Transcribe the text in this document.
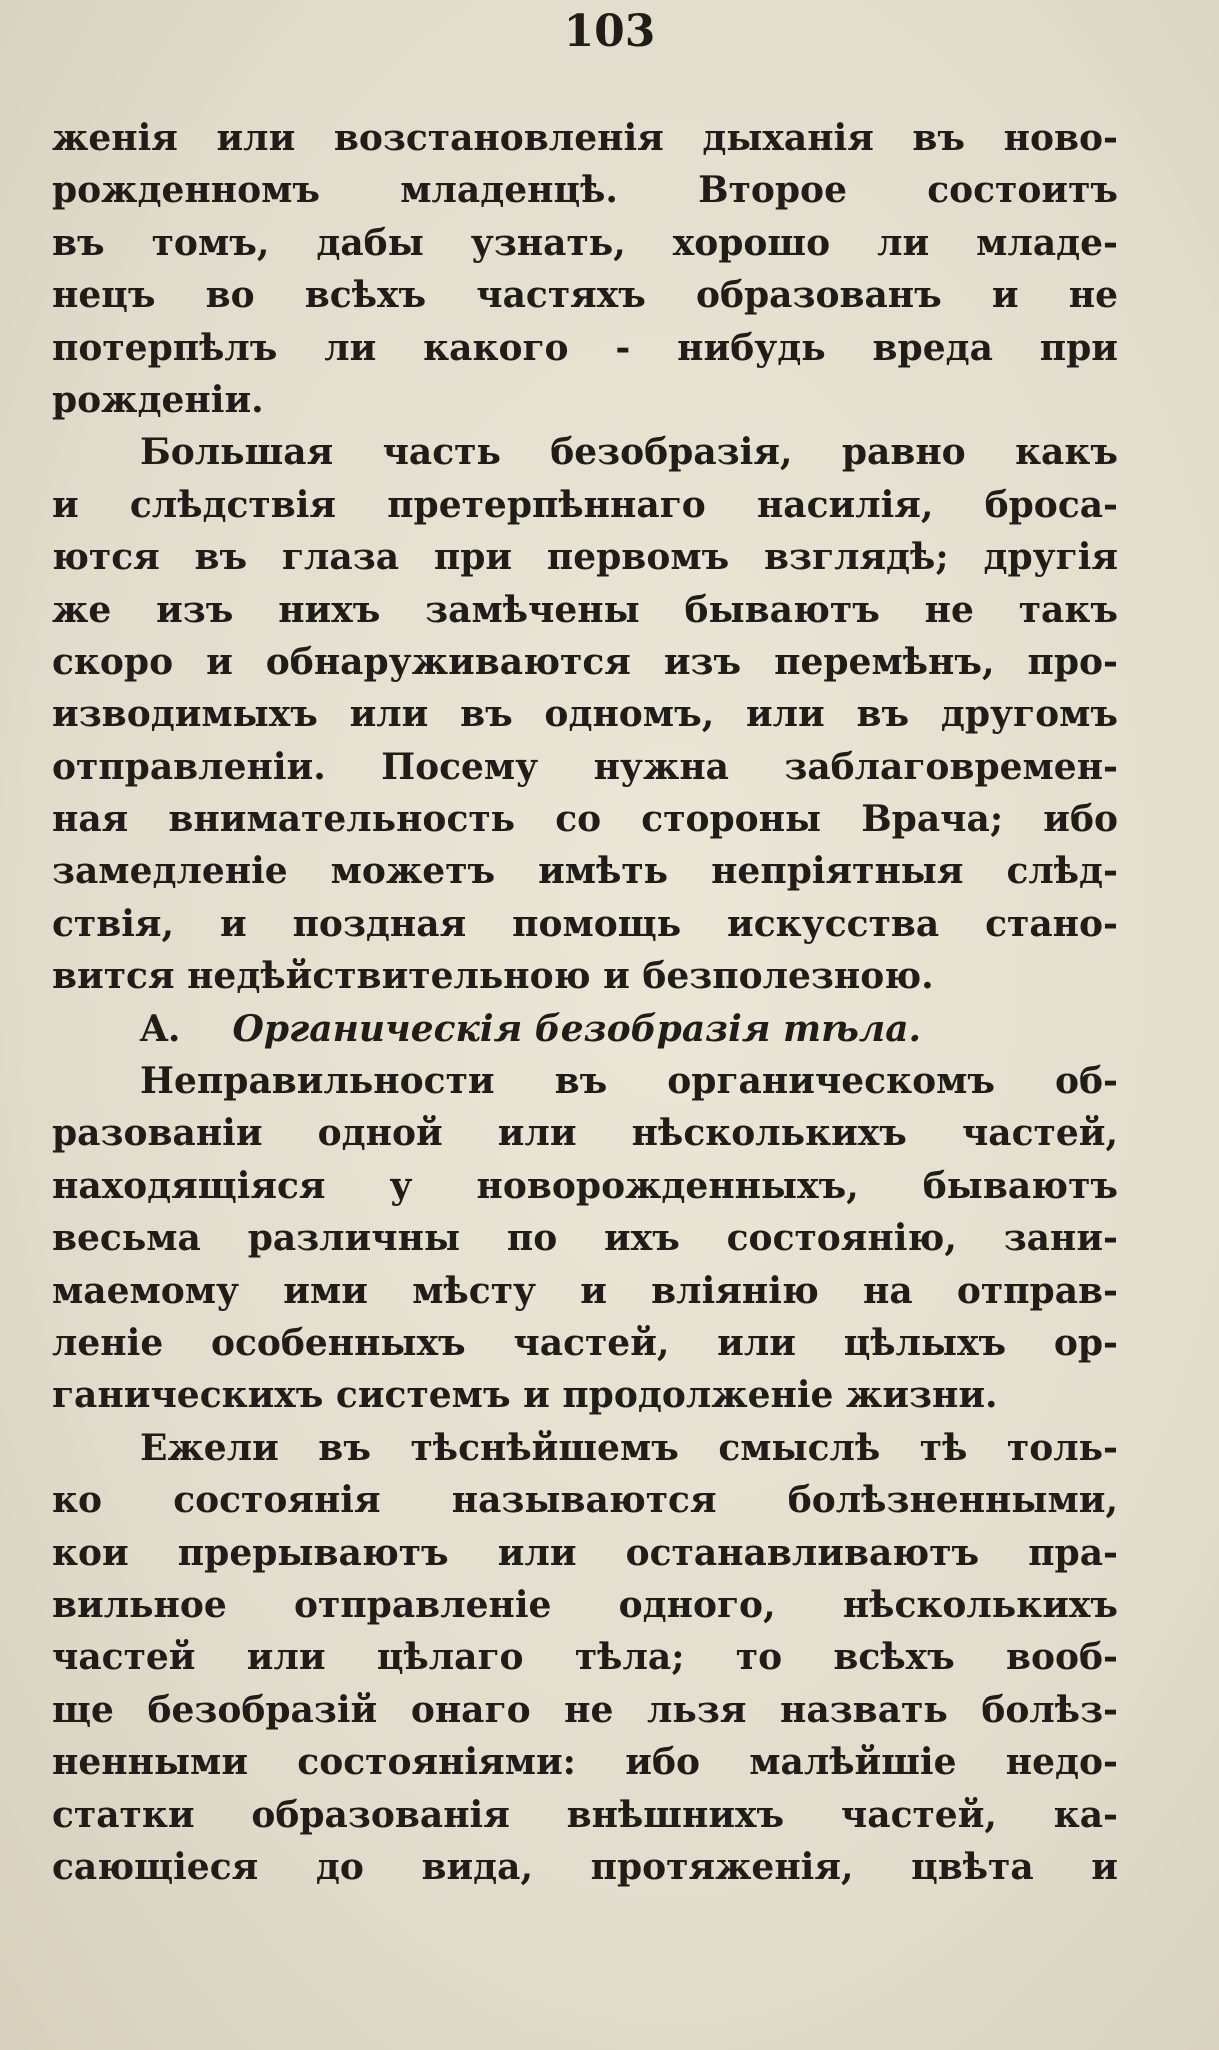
103
женія или возстановленія дыханія въ ново-
рожденномъ младенцѣ. Второе состоитъ
въ томъ, дабы узнать, хорошо ли младе-
нецъ во всѣхъ частяхъ образованъ и не
потерпѣлъ ли какого - нибудь вреда при
рожденіи.
Большая часть безобразія, равно какъ
и слѣдствія претерпѣннаго насилія, броса-
ются въ глаза при первомъ взглядѣ; другія
же изъ нихъ замѣчены бываютъ не такъ
скоро и обнаруживаются изъ перемѣнъ, про-
изводимыхъ или въ одномъ, или въ другомъ
отправленіи. Посему нужна заблаговремен-
ная внимательность со стороны Врача; ибо
замедленіе можетъ имѣть непріятныя слѣд-
ствія, и поздная помощь искусства стано-
вится недѣйствительною и безполезною.
A. Органическія безобразія тѣла.
Неправильности въ органическомъ об-
разованіи одной или нѣсколькихъ частей,
находящіяся у новорожденныхъ, бываютъ
весьма различны по ихъ состоянію, зани-
маемому ими мѣсту и вліянію на отправ-
леніе особенныхъ частей, или цѣлыхъ ор-
ганическихъ системъ и продолженіе жизни.
Ежели въ тѣснѣйшемъ смыслѣ тѣ толь-
ко состоянія называются болѣзненными,
кои прерываютъ или останавливаютъ пра-
вильное отправленіе одного, нѣсколькихъ
частей или цѣлаго тѣла; то всѣхъ вооб-
ще безобразій онаго не льзя назвать болѣз-
ненными состояніями: ибо малѣйшіе недо-
статки образованія внѣшнихъ частей, ка-
сающіеся до вида, протяженія, цвѣта и
